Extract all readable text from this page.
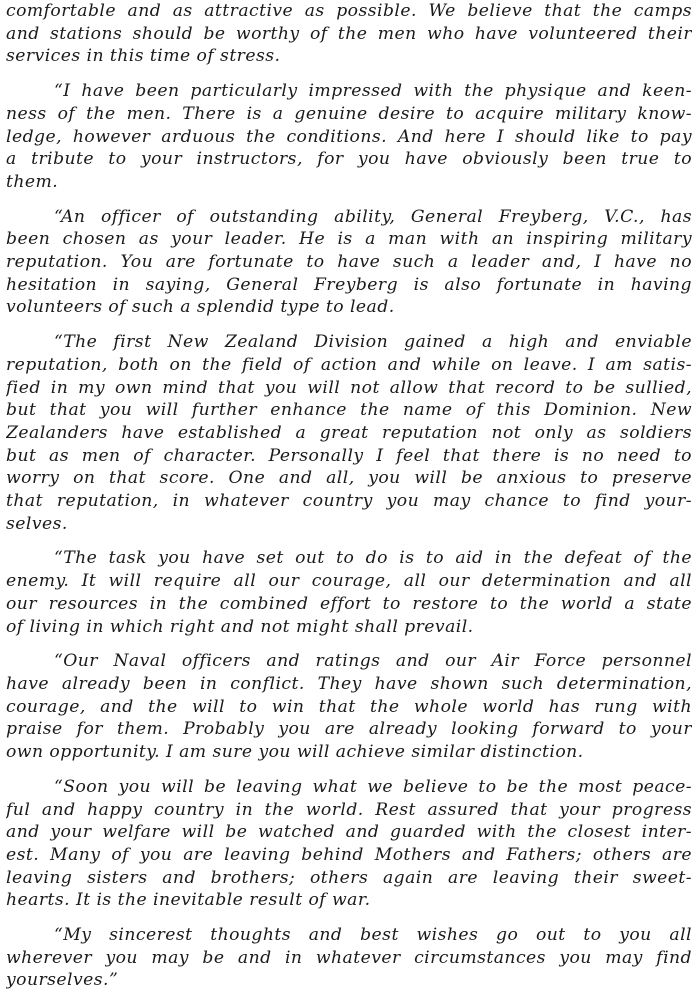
comfortable and as attractive as possible. We believe that the camps
and stations should be worthy of the men who have volunteered their
services in this time of stress.
“I have been particularly impressed with the physique and keen-
ness of the men. There is a genuine desire to acquire military know-
ledge, however arduous the conditions. And here I should like to pay
a tribute to your instructors, for you have obviously been true to
them.
“An officer of outstanding ability, General Freyberg, V.C., has
been chosen as your leader. He is a man with an inspiring military
reputation. You are fortunate to have such a leader and, I have no
hesitation in saying, General Freyberg is also fortunate in having
volunteers of such a splendid type to lead.
“The first New Zealand Division gained a high and enviable
reputation, both on the field of action and while on leave. I am satis-
fied in my own mind that you will not allow that record to be sullied,
but that you will further enhance the name of this Dominion. New
Zealanders have established a great reputation not only as soldiers
but as men of character. Personally I feel that there is no need to
worry on that score. One and all, you will be anxious to preserve
that reputation, in whatever country you may chance to find your-
selves.
“The task you have set out to do is to aid in the defeat of the
enemy. It will require all our courage, all our determination and all
our resources in the combined effort to restore to the world a state
of living in which right and not might shall prevail.
“Our Naval officers and ratings and our Air Force personnel
have already been in conflict. They have shown such determination,
courage, and the will to win that the whole world has rung with
praise for them. Probably you are already looking forward to your
own opportunity. I am sure you will achieve similar distinction.
“Soon you will be leaving what we believe to be the most peace-
ful and happy country in the world. Rest assured that your progress
and your welfare will be watched and guarded with the closest inter-
est. Many of you are leaving behind Mothers and Fathers; others are
leaving sisters and brothers; others again are leaving their sweet-
hearts. It is the inevitable result of war.
“My sincerest thoughts and best wishes go out to you all
wherever you may be and in whatever circumstances you may find
yourselves.”
